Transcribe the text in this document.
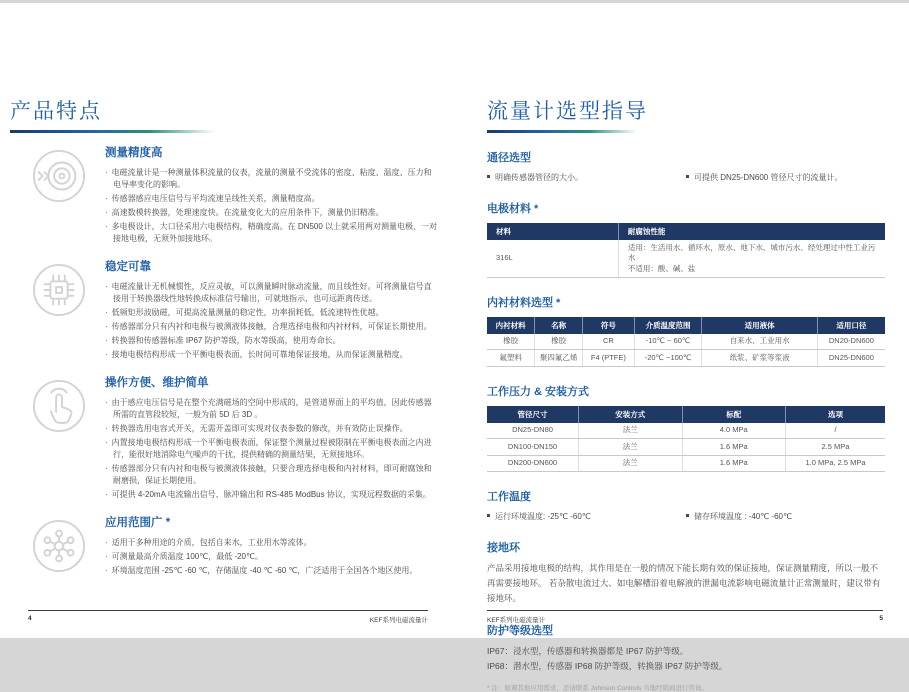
产品特点
测量精度高
· 电磁流量计是一种测量体积流量的仪表，流量的测量不受流体的密度、粘度、温度、压力和电导率变化的影响。
· 传感器感应电压信号与平均流速呈线性关系，测量精度高。
· 高速数模转换器，处理速度快。在流量变化大的应用条件下，测量仍旧精准。
· 多电极设计，大口径采用六电极结构，精确度高。在 DN500 以上就采用两对测量电极、一对接地电极，无须外加接地环。
稳定可靠
· 电磁流量计无机械惯性，反应灵敏，可以测量瞬时脉动流量，而且线性好。可将测量信号直接用于转换器线性地转换成标准信号输出，可就地指示，也可远距离传送。
· 低频矩形波励磁，可提高流量测量的稳定性，功率损耗低，低流速特性优越。
· 传感器部分只有内衬和电极与被测液体接触，合理选择电极和内衬材料，可保证长期使用。
· 转换器和传感器标准 IP67 防护等级，防水等级高，使用寿命长。
· 接地电极结构形成一个平衡电极表面，长时间可靠地保证接地，从而保证测量精度。
操作方便、维护简单
· 由于感应电压信号是在整个充满磁场的空间中形成的，是管道界面上的平均值，因此传感器所需的直管段较短，一般为前 5D 后 3D 。
· 转换器选用电容式开关，无需开盖即可实现对仪表参数的修改，并有效防止误操作。
· 内置接地电极结构形成一个平衡电极表面，保证整个测量过程被限制在平衡电极表面之内进行，能很好地消除电气噪声的干扰，提供精确的测量结果，无须接地环。
· 传感器部分只有内衬和电极与被测液体接触，只要合理选择电极和内衬材料，即可耐腐蚀和耐磨损，保证长期使用。
· 可提供 4-20mA 电流输出信号、脉冲输出和 RS-485 ModBus 协议，实现远程数据的采集。
应用范围广 *
· 适用于多种用途的介质，包括自来水，工业用水等流体。
· 可测量最高介质温度 100℃，最低 -20℃。
· 环境温度范围 -25℃ -60 ℃，存储温度 -40 ℃ -60 ℃，广泛适用于全国各个地区使用。
4	KEF系列电磁流量计
流量计选型指导
通径选型
明确传感器管径的大小。	可提供 DN25-DN600 管径尺寸的流量计。
电极材料 *
材料	耐腐蚀性能
316L	适用：生活用水、循环水，原水、地下水、城市污水、经处理过中性工业污水
不适用：酸、碱、盐
内衬材料选型 *
内衬材料	名称	符号	介质温度范围	适用液体	适用口径
橡胶	橡胶	CR	-10℃ ~ 60℃	自来水、工业用水	DN20-DN600
氟塑料	聚四氟乙烯	F4 (PTFE)	-20℃ ~100℃	纸浆、矿浆等浆液	DN25-DN600
工作压力 & 安装方式
管径尺寸	安装方式	标配	选项
DN25-DN80	法兰	4.0 MPa	/
DN100-DN150	法兰	1.6 MPa	2.5 MPa
DN200-DN600	法兰	1.6 MPa	1.0 MPa, 2.5 MPa
工作温度
运行环境温度: -25℃ -60℃	储存环境温度 : -40℃ -60℃
接地环
产品采用接地电极的结构，其作用是在一般的情况下能长期有效的保证接地，保证测量精度，所以一般不再需要接地环。 若杂散电流过大、如电解槽沿着电解液的泄漏电流影响电磁流量计正常测量时，建议带有接地环。
防护等级选型
IP67：浸水型，传感器和转换器都是 IP67 防护等级。
IP68：潜水型，传感器 IP68 防护等级，转换器 IP67 防护等级。
* 注：如遇其他应用需求，还请联系 Johnson Controls 当地经销商进行咨询。
KEF系列电磁流量计	5
